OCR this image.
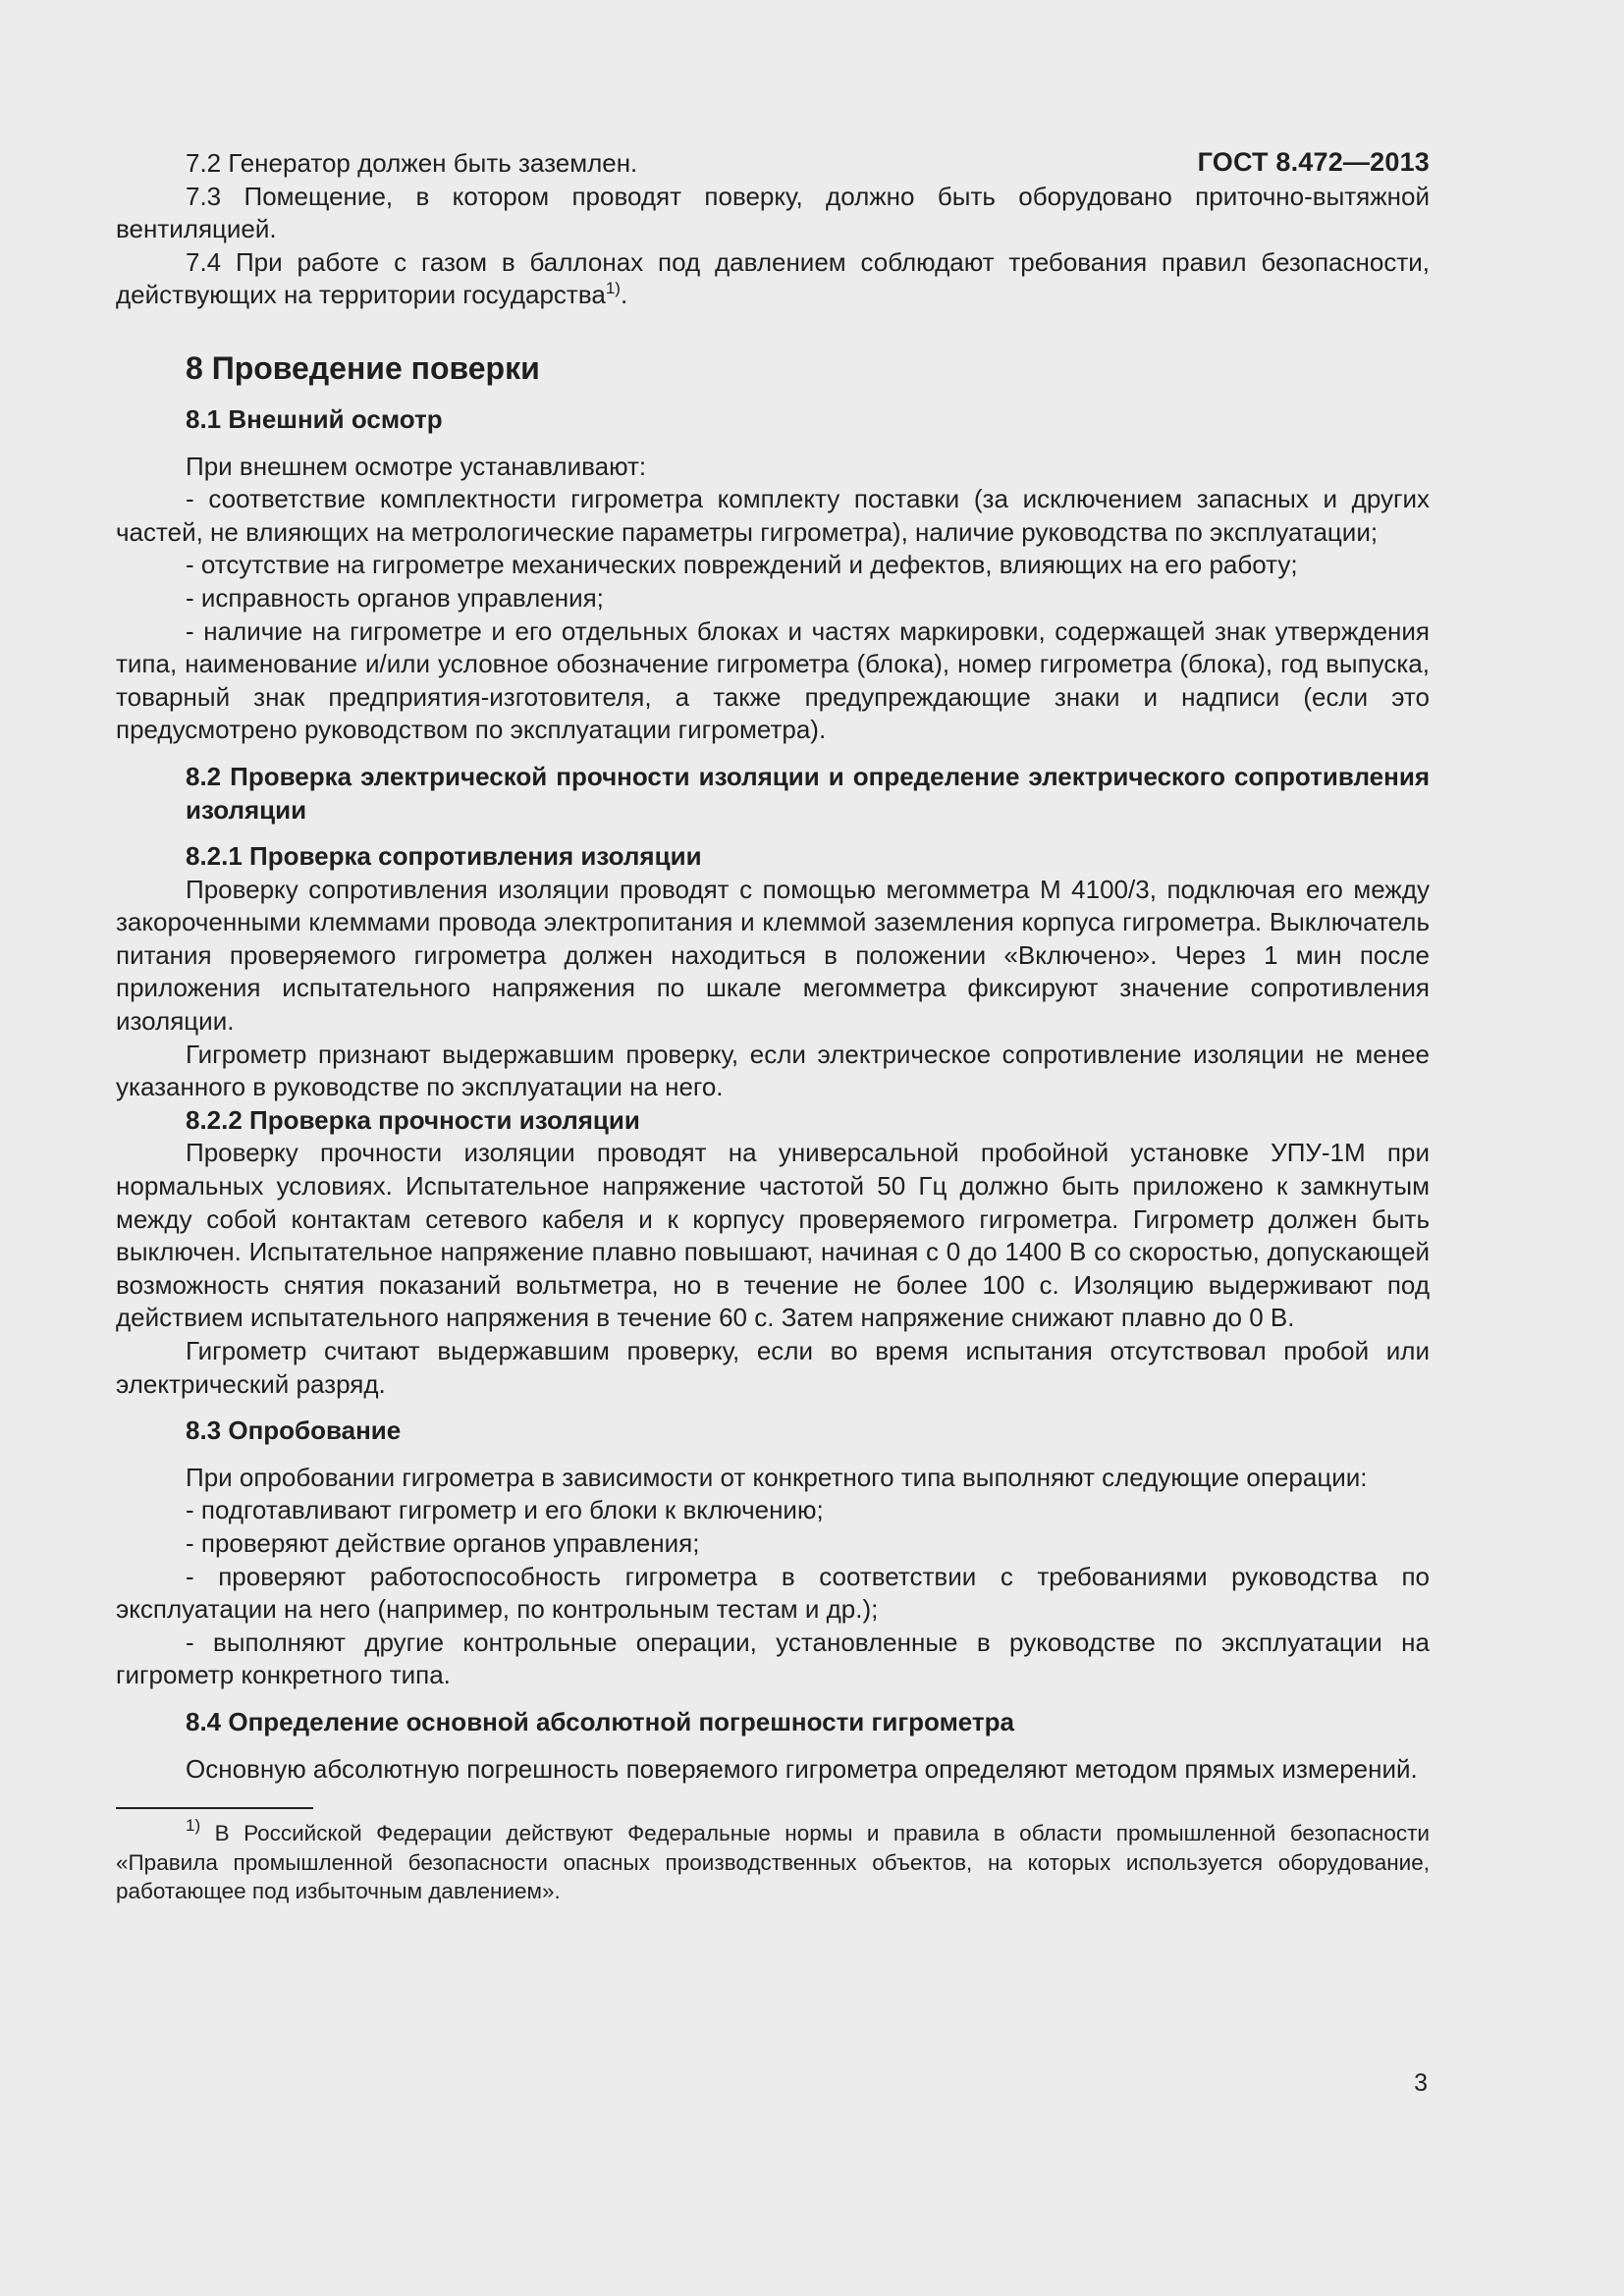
ГОСТ 8.472—2013

7.2 Генератор должен быть заземлен.

7.3 Помещение, в котором проводят поверку, должно быть оборудовано приточно-вытяжной вентиляцией.

7.4 При работе с газом в баллонах под давлением соблюдают требования правил безопасности, действующих на территории государства$^{1)}$.

8 Проведение поверки
8.1 Внешний осмотр

При внешнем осмотре устанавливают:

- соответствие комплектности гигрометра комплекту поставки (за исключением запасных и других частей, не влияющих на метрологические параметры гигрометра), наличие руководства по эксплуатации;

- отсутствие на гигрометре механических повреждений и дефектов, влияющих на его работу;

- исправность органов управления;

- наличие на гигрометре и его отдельных блоках и частях маркировки, содержащей знак утверждения типа, наименование и/или условное обозначение гигрометра (блока), номер гигрометра (блока), год выпуска, товарный знак предприятия-изготовителя, а также предупреждающие знаки и надписи (если это предусмотрено руководством по эксплуатации гигрометра).

8.2 Проверка электрической прочности изоляции и определение электрического сопротивления изоляции
8.2.1 Проверка сопротивления изоляции

Проверку сопротивления изоляции проводят с помощью мегомметра М 4100/3, подключая его между закороченными клеммами провода электропитания и клеммой заземления корпуса гигрометра. Выключатель питания проверяемого гигрометра должен находиться в положении «Включено». Через 1 мин после приложения испытательного напряжения по шкале мегомметра фиксируют значение сопротивления изоляции.

Гигрометр признают выдержавшим проверку, если электрическое сопротивление изоляции не менее указанного в руководстве по эксплуатации на него.

8.2.2 Проверка прочности изоляции

Проверку прочности изоляции проводят на универсальной пробойной установке УПУ-1М при нормальных условиях. Испытательное напряжение частотой 50 Гц должно быть приложено к замкнутым между собой контактам сетевого кабеля и к корпусу проверяемого гигрометра. Гигрометр должен быть выключен. Испытательное напряжение плавно повышают, начиная с 0 до 1400 В со скоростью, допускающей возможность снятия показаний вольтметра, но в течение не более 100 с. Изоляцию выдерживают под действием испытательного напряжения в течение 60 с. Затем напряжение снижают плавно до 0 В.

Гигрометр считают выдержавшим проверку, если во время испытания отсутствовал пробой или электрический разряд.

8.3 Опробование

При опробовании гигрометра в зависимости от конкретного типа выполняют следующие операции:

- подготавливают гигрометр и его блоки к включению;

- проверяют действие органов управления;

- проверяют работоспособность гигрометра в соответствии с требованиями руководства по эксплуатации на него (например, по контрольным тестам и др.);

- выполняют другие контрольные операции, установленные в руководстве по эксплуатации на гигрометр конкретного типа.

8.4 Определение основной абсолютной погрешности гигрометра

Основную абсолютную погрешность поверяемого гигрометра определяют методом прямых измерений.

$^{1)}$ В Российской Федерации действуют Федеральные нормы и правила в области промышленной безопасности «Правила промышленной безопасности опасных производственных объектов, на которых используется оборудование, работающее под избыточным давлением».

3
